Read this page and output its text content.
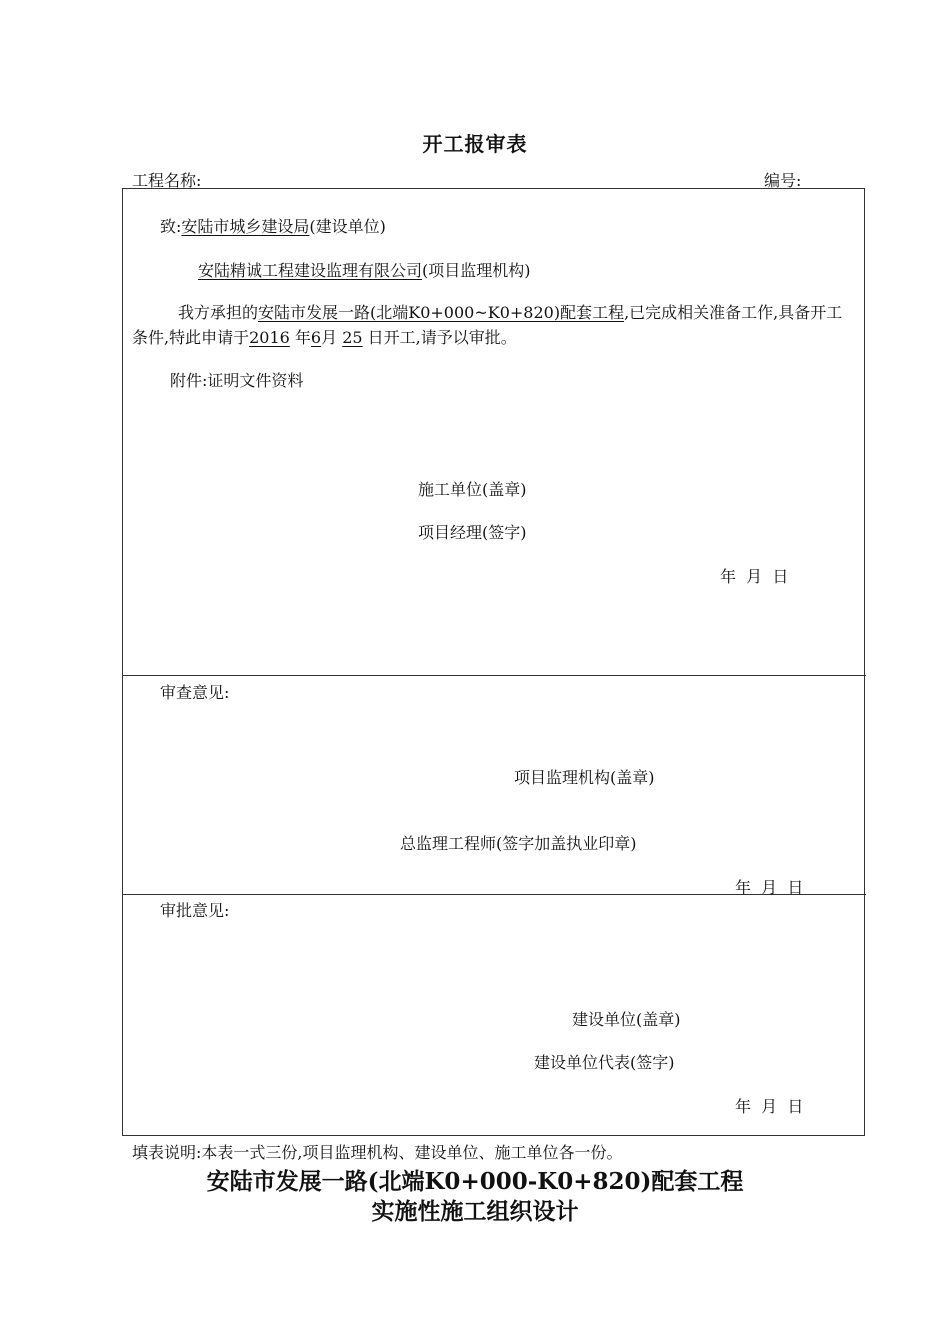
开工报审表
工程名称:	编号:
致:安陆市城乡建设局(建设单位)
安陆精诚工程建设监理有限公司(项目监理机构)
我方承担的安陆市发展一路(北端K0+000~K0+820)配套工程,已完成相关准备工作,具备开工条件,特此申请于2016 年6月 25 日开工,请予以审批。
附件:证明文件资料
施工单位(盖章)
项目经理(签字)
年  月  日
审查意见:
项目监理机构(盖章)
总监理工程师(签字加盖执业印章)
年  月  日
审批意见:
建设单位(盖章)
建设单位代表(签字)
年  月  日
填表说明:本表一式三份,项目监理机构、建设单位、施工单位各一份。
安陆市发展一路(北端K0+000-K0+820)配套工程
实施性施工组织设计
